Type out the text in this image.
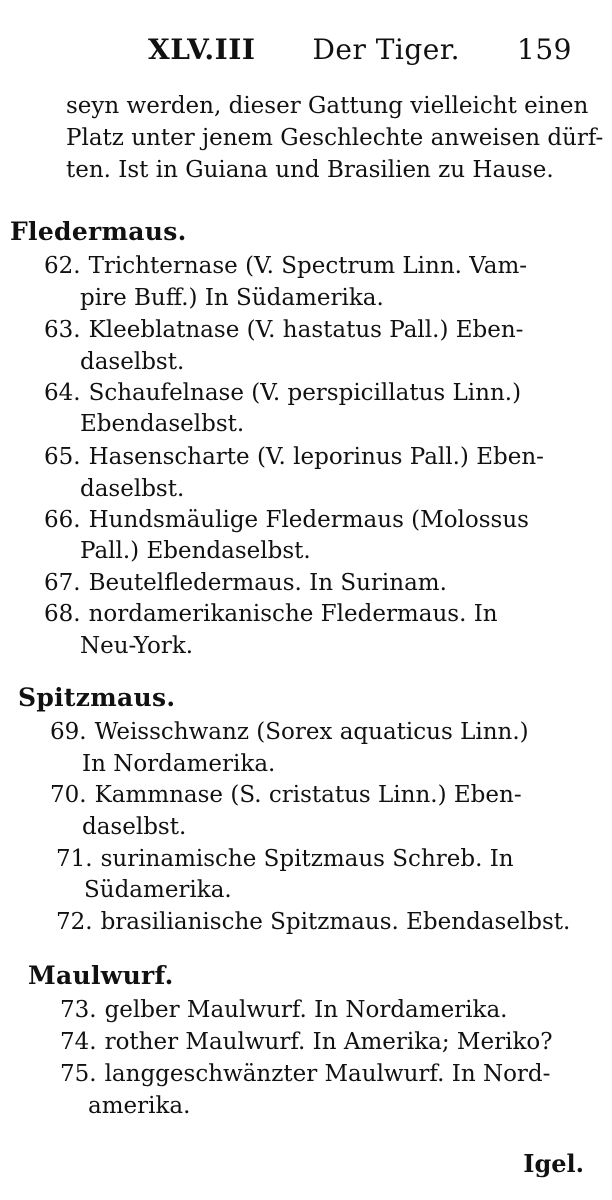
XLV.III Der Tiger. 159
seyn werden, dieser Gattung vielleicht einen
Platz unter jenem Geschlechte anweisen dürf-
ten. Ist in Guiana und Brasilien zu Hause.
Fledermaus.
62. Trichternase (V. Spectrum Linn. Vam-
pire Buff.) In Südamerika.
63. Kleeblatnase (V. hastatus Pall.) Eben-
daselbst.
64. Schaufelnase (V. perspicillatus Linn.)
Ebendaselbst.
65. Hasenscharte (V. leporinus Pall.) Eben-
daselbst.
66. Hundsmäulige Fledermaus (Molossus
Pall.) Ebendaselbst.
67. Beutelfledermaus. In Surinam.
68. nordamerikanische Fledermaus. In
Neu-York.
Spitzmaus.
69. Weisschwanz (Sorex aquaticus Linn.)
In Nordamerika.
70. Kammnase (S. cristatus Linn.) Eben-
daselbst.
71. surinamische Spitzmaus Schreb. In
Südamerika.
72. brasilianische Spitzmaus. Ebendaselbst.
Maulwurf.
73. gelber Maulwurf. In Nordamerika.
74. rother Maulwurf. In Amerika; Meriko?
75. langgeschwänzter Maulwurf. In Nord-
amerika.
Igel.
